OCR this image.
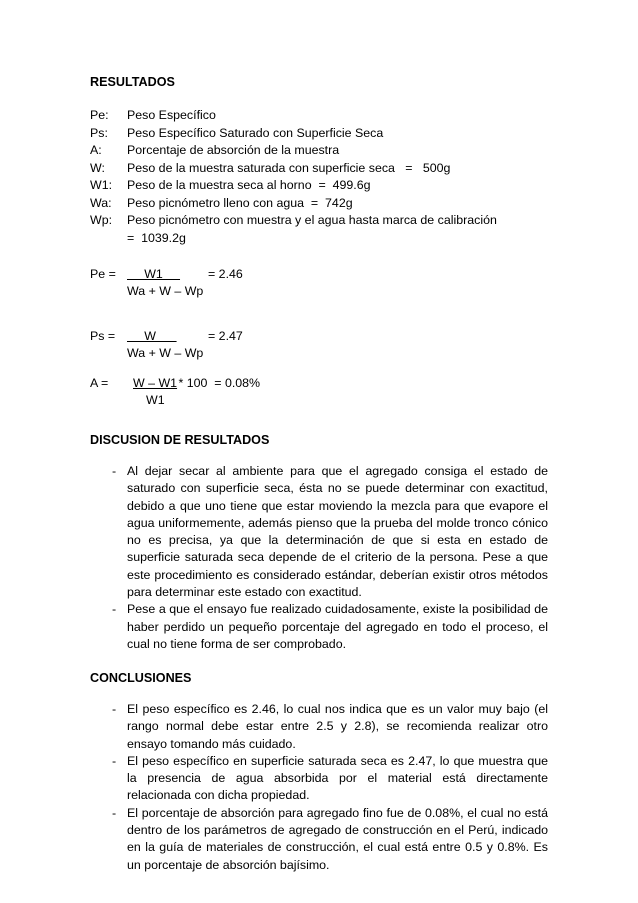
RESULTADOS
Pe: Peso Específico
Ps: Peso Específico Saturado con Superficie Seca
A: Porcentaje de absorción de la muestra
W: Peso de la muestra saturada con superficie seca   =   500g
W1: Peso de la muestra seca al horno  =  499.6g
Wa: Peso picnómetro lleno con agua  =  742g
Wp: Peso picnómetro con muestra y el agua hasta marca de calibración
=  1039.2g
Pe = W1 = 2.46
Wa + W – Wp
Ps = W	= 2.47
Wa + W – Wp
A = W – W1
* 100  = 0.08%
W1
DISCUSION DE RESULTADOS
- Al dejar secar al ambiente para que el agregado consiga el estado de saturado con superficie seca, ésta no se puede determinar con exactitud, debido a que uno tiene que estar moviendo la mezcla para que evapore el agua uniformemente, además pienso que la prueba del molde tronco cónico no es precisa, ya que la determinación de que si esta en estado de superficie saturada seca depende de el criterio de la persona. Pese a que este procedimiento es considerado estándar, deberían existir otros métodos para determinar este estado con exactitud.
- Pese a que el ensayo fue realizado cuidadosamente, existe la posibilidad de haber perdido un pequeño porcentaje del agregado en todo el proceso, el cual no tiene forma de ser comprobado.
CONCLUSIONES
- El peso específico es 2.46, lo cual nos indica que es un valor muy bajo (el rango normal debe estar entre 2.5 y 2.8), se recomienda realizar otro ensayo tomando más cuidado.
- El peso específico en superficie saturada seca es 2.47, lo que muestra que la presencia de agua absorbida por el material está directamente relacionada con dicha propiedad.
- El porcentaje de absorción para agregado fino fue de 0.08%, el cual no está dentro de los parámetros de agregado de construcción en el Perú, indicado en la guía de materiales de construcción, el cual está entre 0.5 y 0.8%. Es un porcentaje de absorción bajísimo.
